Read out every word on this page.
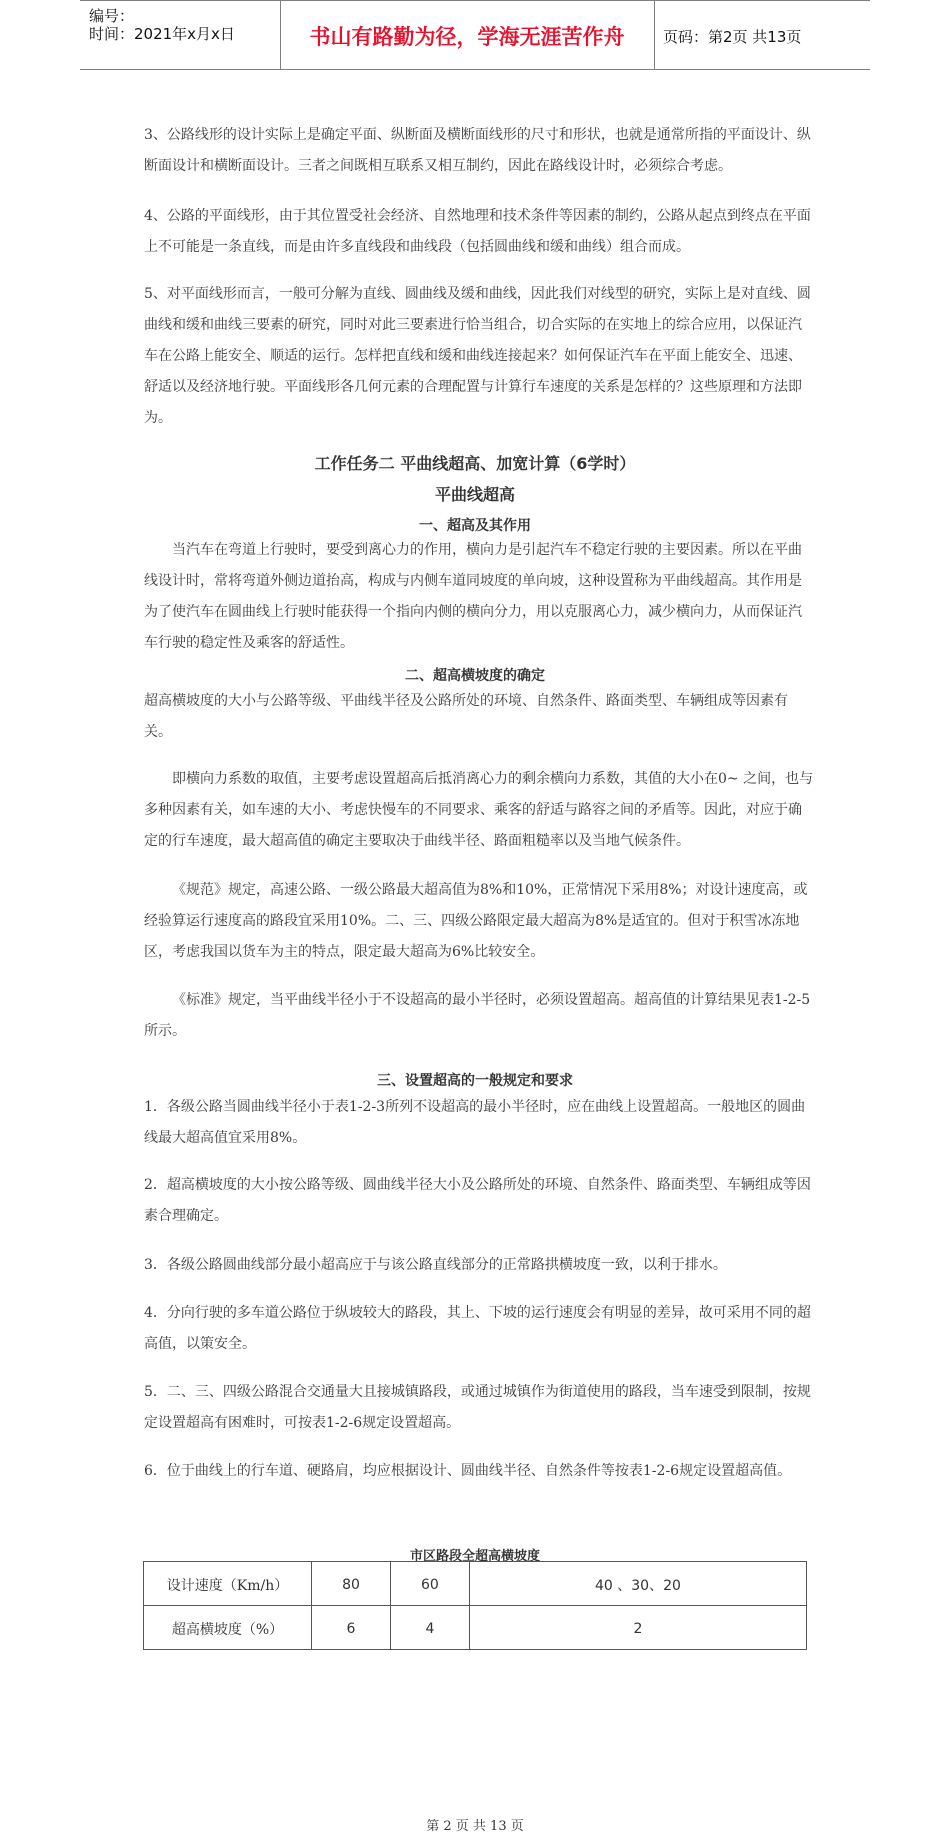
编号：
时间：2021年x月x日	书山有路勤为径，学海无涯苦作舟	页码：第2页 共13页

3、公路线形的设计实际上是确定平面、纵断面及横断面线形的尺寸和形状，也就是通常所指的平面设计、纵断面设计和横断面设计。三者之间既相互联系又相互制约，因此在路线设计时，必须综合考虑。

4、公路的平面线形，由于其位置受社会经济、自然地理和技术条件等因素的制约，公路从起点到终点在平面上不可能是一条直线，而是由许多直线段和曲线段（包括圆曲线和缓和曲线）组合而成。

5、对平面线形而言，一般可分解为直线、圆曲线及缓和曲线，因此我们对线型的研究，实际上是对直线、圆曲线和缓和曲线三要素的研究，同时对此三要素进行恰当组合，切合实际的在实地上的综合应用，以保证汽车在公路上能安全、顺适的运行。怎样把直线和缓和曲线连接起来？如何保证汽车在平面上能安全、迅速、舒适以及经济地行驶。平面线形各几何元素的合理配置与计算行车速度的关系是怎样的？这些原理和方法即为。

工作任务二 平曲线超高、加宽计算（6学时）
平曲线超高
一、超高及其作用

当汽车在弯道上行驶时，要受到离心力的作用，横向力是引起汽车不稳定行驶的主要因素。所以在平曲线设计时，常将弯道外侧边道抬高，构成与内侧车道同坡度的单向坡，这种设置称为平曲线超高。其作用是为了使汽车在圆曲线上行驶时能获得一个指向内侧的横向分力，用以克服离心力，减少横向力，从而保证汽车行驶的稳定性及乘客的舒适性。

二、超高横坡度的确定

超高横坡度的大小与公路等级、平曲线半径及公路所处的环境、自然条件、路面类型、车辆组成等因素有关。

即横向力系数的取值，主要考虑设置超高后抵消离心力的剩余横向力系数，其值的大小在0~ 之间，也与多种因素有关，如车速的大小、考虑快慢车的不同要求、乘客的舒适与路容之间的矛盾等。因此，对应于确定的行车速度，最大超高值的确定主要取决于曲线半径、路面粗糙率以及当地气候条件。

《规范》规定，高速公路、一级公路最大超高值为8%和10%，正常情况下采用8%；对设计速度高，或经验算运行速度高的路段宜采用10%。二、三、四级公路限定最大超高为8%是适宜的。但对于积雪冰冻地区，考虑我国以货车为主的特点，限定最大超高为6%比较安全。

《标准》规定，当平曲线半径小于不设超高的最小半径时，必须设置超高。超高值的计算结果见表1-2-5所示。

三、设置超高的一般规定和要求

1．各级公路当圆曲线半径小于表1-2-3所列不设超高的最小半径时，应在曲线上设置超高。一般地区的圆曲线最大超高值宜采用8%。

2．超高横坡度的大小按公路等级、圆曲线半径大小及公路所处的环境、自然条件、路面类型、车辆组成等因素合理确定。

3．各级公路圆曲线部分最小超高应于与该公路直线部分的正常路拱横坡度一致，以利于排水。

4．分向行驶的多车道公路位于纵坡较大的路段，其上、下坡的运行速度会有明显的差异，故可采用不同的超高值，以策安全。

5．二、三、四级公路混合交通量大且接城镇路段，或通过城镇作为街道使用的路段，当车速受到限制，按规定设置超高有困难时，可按表1-2-6规定设置超高。

6．位于曲线上的行车道、硬路肩，均应根据设计、圆曲线半径、自然条件等按表1-2-6规定设置超高值。

市区路段全超高横坡度
设计速度（Km/h）	80	60	40 、30、20
超高横坡度（%）	6	4	2
第 2 页 共 13 页
